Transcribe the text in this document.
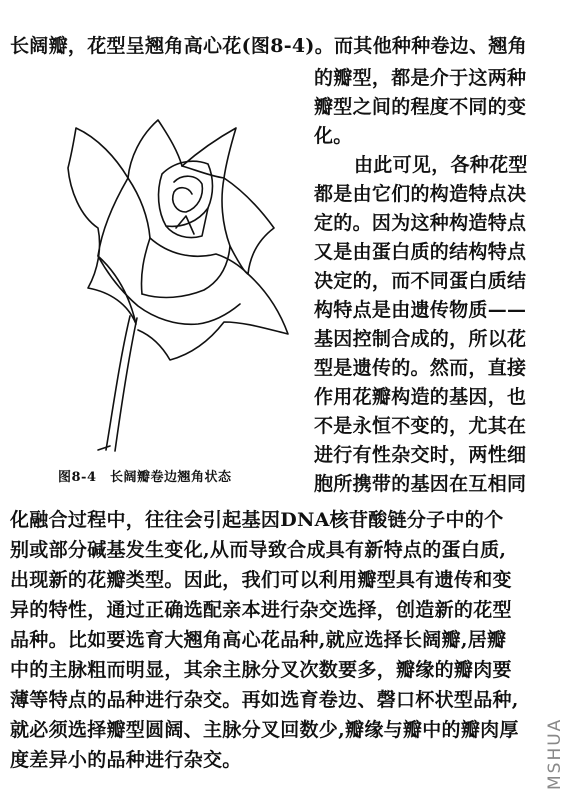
长阔瓣，花型呈翘角高心花(图8-4)。而其他种种卷边、翘角
的瓣型，都是介于这两种
瓣型之间的程度不同的变
化。
由此可见，各种花型
都是由它们的构造特点决
定的。因为这种构造特点
又是由蛋白质的结构特点
决定的，而不同蛋白质结
构特点是由遗传物质——
基因控制合成的，所以花
型是遗传的。然而，直接
作用花瓣构造的基因，也
不是永恒不变的，尤其在
进行有性杂交时，两性细
胞所携带的基因在互相同
化融合过程中，往往会引起基因DNA核苷酸链分子中的个
别或部分碱基发生变化,从而导致合成具有新特点的蛋白质,
出现新的花瓣类型。因此，我们可以利用瓣型具有遗传和变
异的特性，通过正确选配亲本进行杂交选择，创造新的花型
品种。比如要选育大翘角高心花品种,就应选择长阔瓣,居瓣
中的主脉粗而明显，其余主脉分叉次数要多，瓣缘的瓣肉要
薄等特点的品种进行杂交。再如选育卷边、磬口杯状型品种,
就必须选择瓣型圆阔、主脉分叉回数少,瓣缘与瓣中的瓣肉厚
度差异小的品种进行杂交。
图8-4　长阔瓣卷边翘角状态
MSHUA
